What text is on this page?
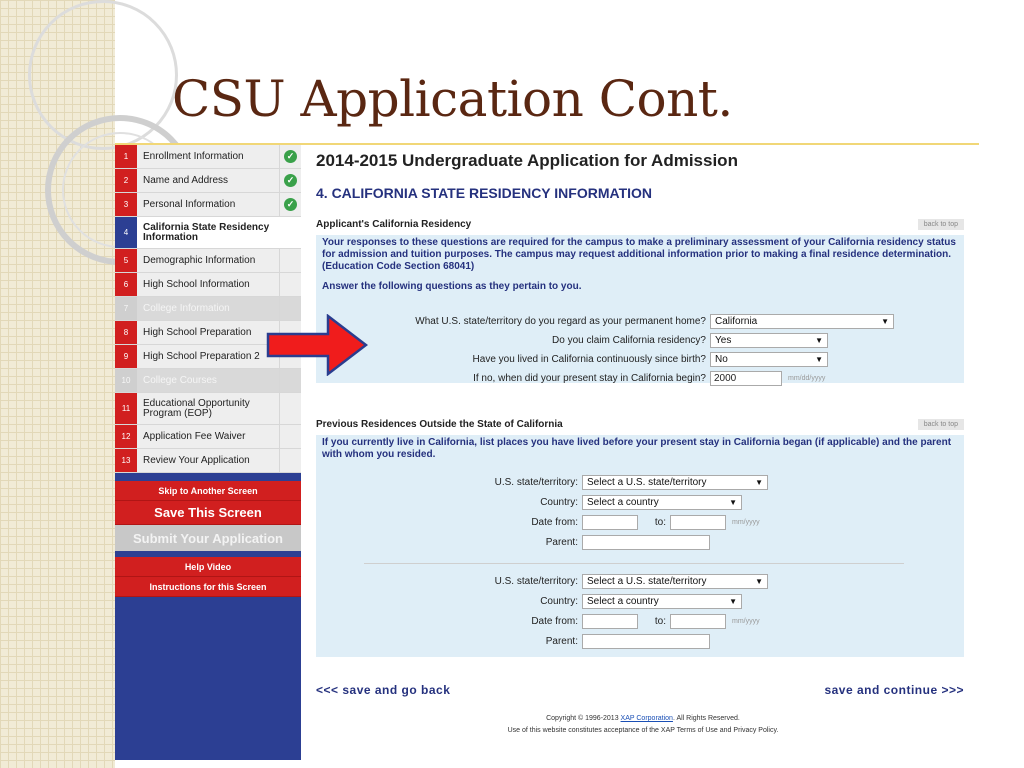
CSU Application Cont.
1	Enrollment Information	✓
2	Name and Address	✓
3	Personal Information	✓
4	California State Residency Information
5	Demographic Information
6	High School Information
7	College Information
8	High School Preparation
9	High School Preparation 2
10	College Courses
11	Educational Opportunity Program (EOP)
12	Application Fee Waiver
13	Review Your Application
Skip to Another Screen
Save This Screen
Submit Your Application
Help Video
Instructions for this Screen
2014-2015 Undergraduate Application for Admission
4. CALIFORNIA STATE RESIDENCY INFORMATION
Applicant's California Residency	back to top
Your responses to these questions are required for the campus to make a preliminary assessment of your California residency status for admission and tuition purposes. The campus may request additional information prior to making a final residence determination. (Education Code Section 68041)
Answer the following questions as they pertain to you.
What U.S. state/territory do you regard as your permanent home? California	▼
Do you claim California residency? Yes	▼
Have you lived in California continuously since birth? No	▼
If no, when did your present stay in California begin? 2000	mm/dd/yyyy
Previous Residences Outside the State of California	back to top
If you currently live in California, list places you have lived before your present stay in California began (if applicable) and the parent with whom you resided.
U.S. state/territory: Select a U.S. state/territory	▼
Country: Select a country	▼
Date from:	to:	mm/yyyy
Parent:
U.S. state/territory: Select a U.S. state/territory	▼
Country: Select a country	▼
Date from:	to:	mm/yyyy
Parent:
<<< save and go back	save and continue >>>
Copyright © 1996-2013 XAP Corporation. All Rights Reserved.
Use of this website constitutes acceptance of the XAP Terms of Use and Privacy Policy.
